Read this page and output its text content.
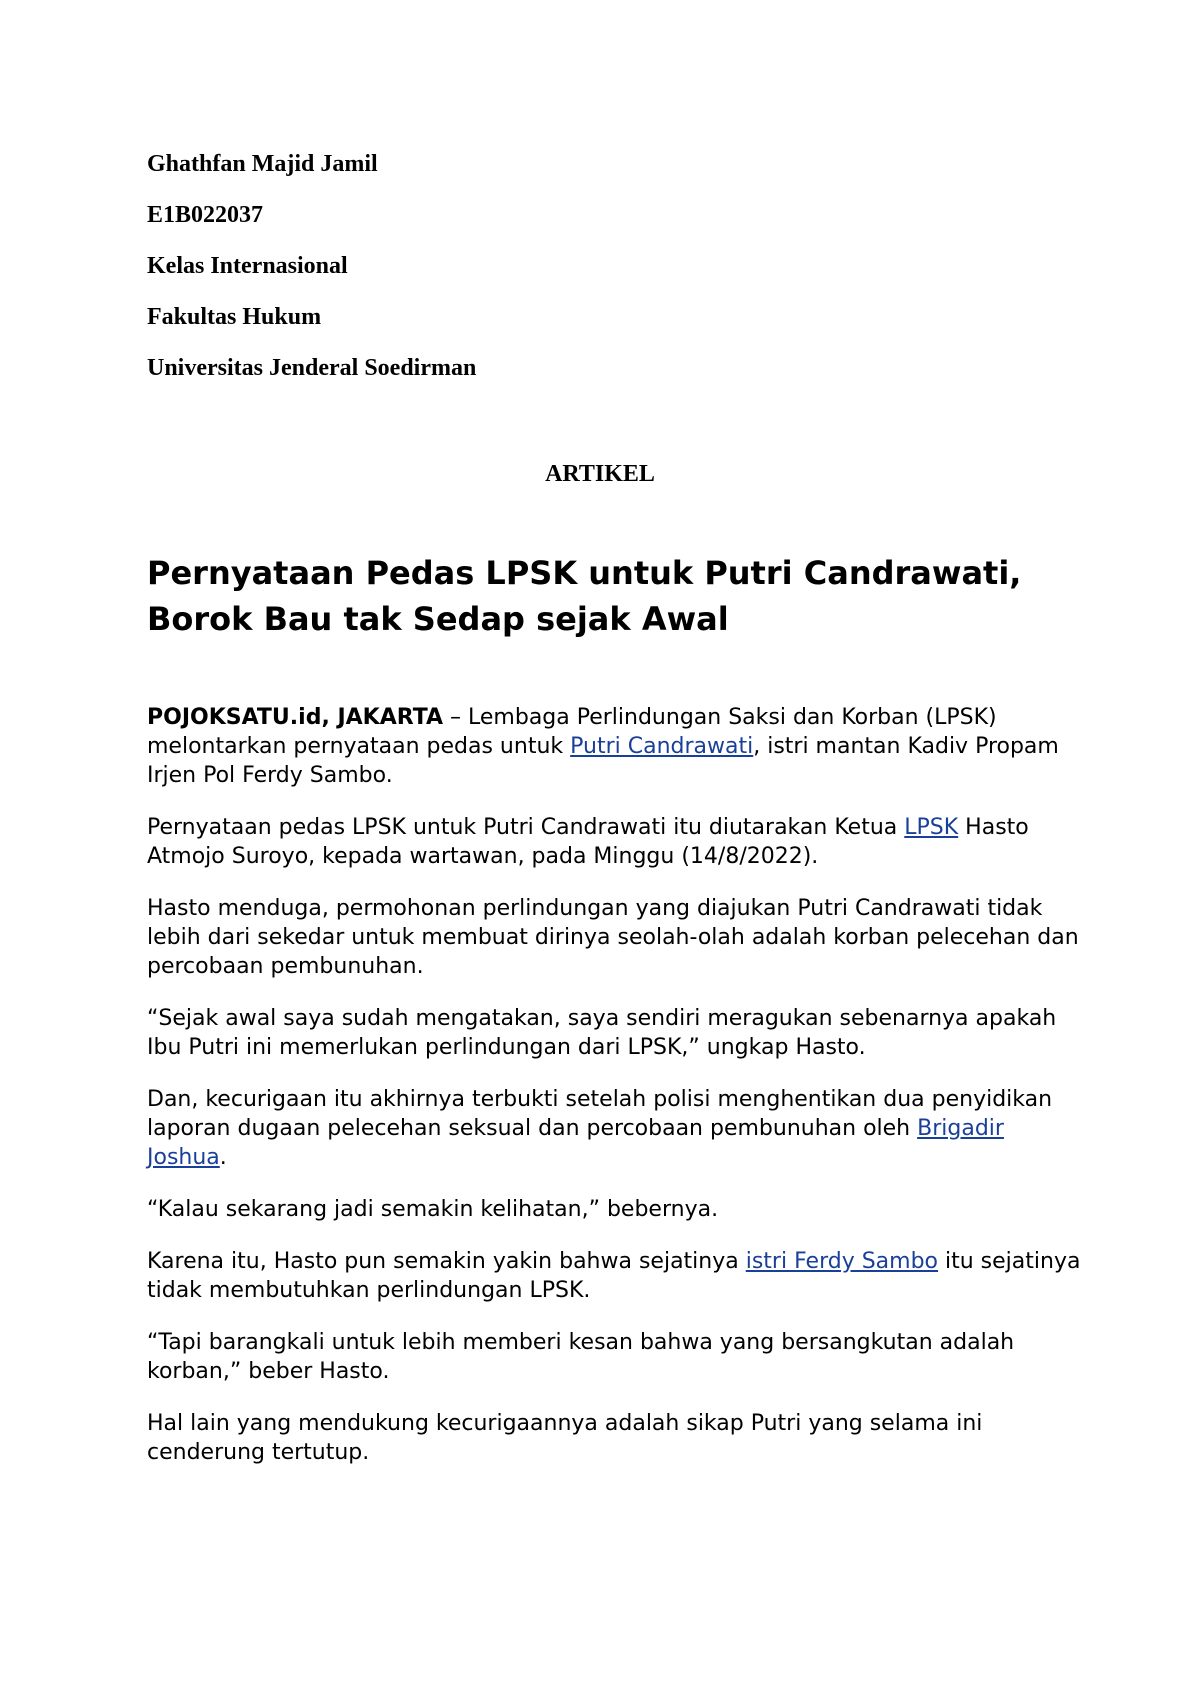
Ghathfan Majid Jamil

E1B022037

Kelas Internasional

Fakultas Hukum

Universitas Jenderal Soedirman

ARTIKEL

Pernyataan Pedas LPSK untuk Putri Candrawati, Borok Bau tak Sedap sejak Awal

POJOKSATU.id, JAKARTA – Lembaga Perlindungan Saksi dan Korban (LPSK) melontarkan pernyataan pedas untuk Putri Candrawati, istri mantan Kadiv Propam Irjen Pol Ferdy Sambo.

Pernyataan pedas LPSK untuk Putri Candrawati itu diutarakan Ketua LPSK Hasto Atmojo Suroyo, kepada wartawan, pada Minggu (14/8/2022).

Hasto menduga, permohonan perlindungan yang diajukan Putri Candrawati tidak lebih dari sekedar untuk membuat dirinya seolah-olah adalah korban pelecehan dan percobaan pembunuhan.

“Sejak awal saya sudah mengatakan, saya sendiri meragukan sebenarnya apakah Ibu Putri ini memerlukan perlindungan dari LPSK,” ungkap Hasto.

Dan, kecurigaan itu akhirnya terbukti setelah polisi menghentikan dua penyidikan laporan dugaan pelecehan seksual dan percobaan pembunuhan oleh Brigadir Joshua.

“Kalau sekarang jadi semakin kelihatan,” bebernya.

Karena itu, Hasto pun semakin yakin bahwa sejatinya istri Ferdy Sambo itu sejatinya tidak membutuhkan perlindungan LPSK.

“Tapi barangkali untuk lebih memberi kesan bahwa yang bersangkutan adalah korban,” beber Hasto.

Hal lain yang mendukung kecurigaannya adalah sikap Putri yang selama ini cenderung tertutup.
